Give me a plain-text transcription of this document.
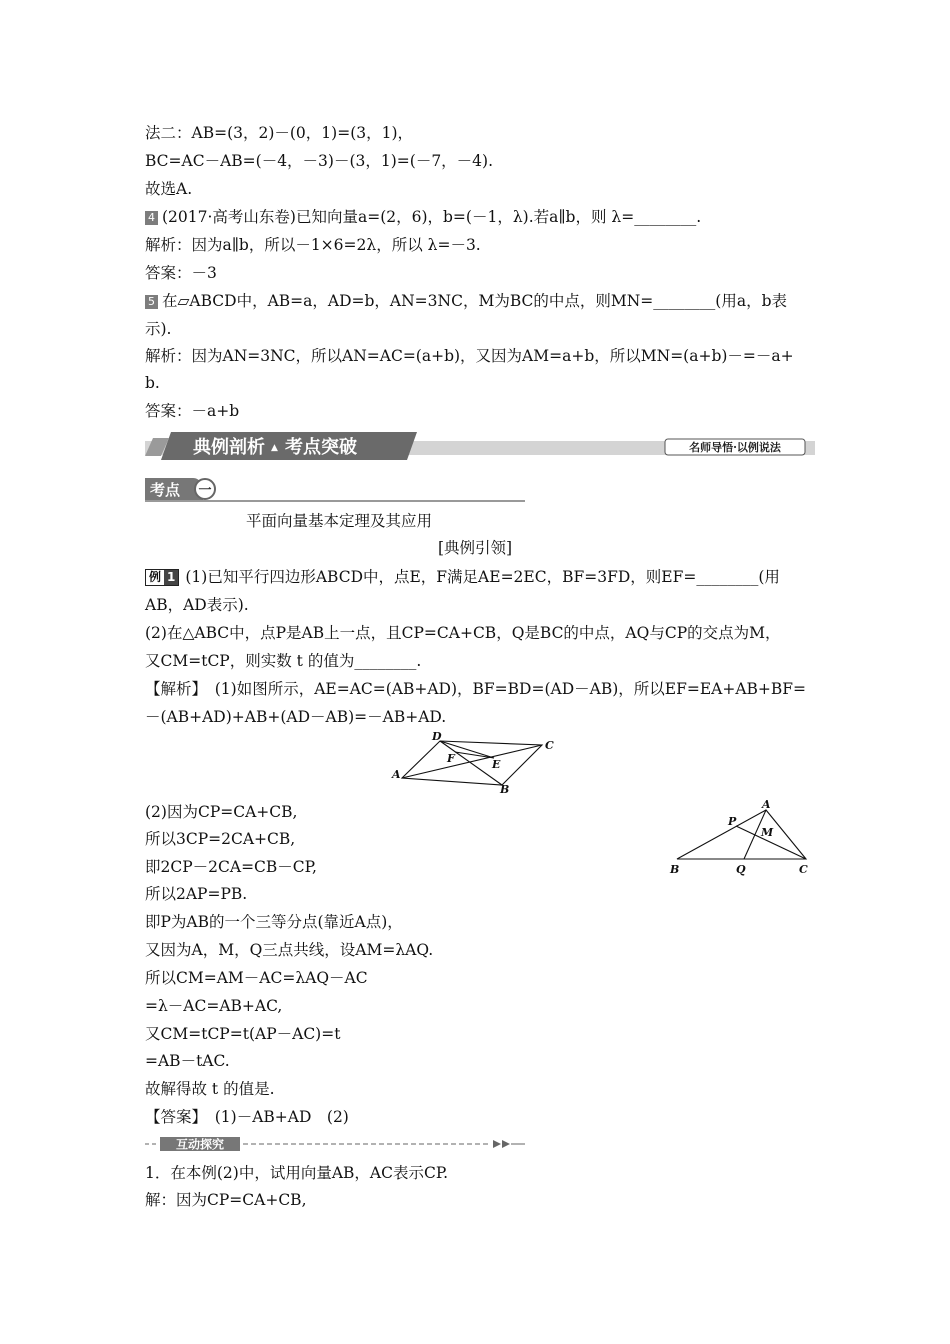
法二：AB=(3，2)－(0，1)=(3，1)，
BC=AC－AB=(－4，－3)－(3，1)=(－7，－4).
故选A.
4 (2017·高考山东卷)已知向量a=(2，6)，b=(－1，λ).若a∥b，则 λ=________.
解析：因为a∥b，所以－1×6=2λ，所以 λ=－3.
答案：－3
5 在▱ABCD中，AB=a，AD=b，AN=3NC，M为BC的中点，则MN=________(用a，b表
示).
解析：因为AN=3NC，所以AN=AC=(a+b)，又因为AM=a+b，所以MN=(a+b)－=－a+
b.
答案：－a+b
典例剖析 ▲ 考点突破	名师导悟·以例说法
考点 一
平面向量基本定理及其应用
[典例引领]
例 1 (1)已知平行四边形ABCD中，点E，F满足AE=2EC，BF=3FD，则EF=________(用
AB，AD表示).
(2)在△ABC中，点P是AB上一点，且CP=CA+CB，Q是BC的中点，AQ与CP的交点为M，
又CM=tCP，则实数 t 的值为________.
【解析】　(1)如图所示，AE=AC=(AB+AD)，BF=BD=(AD－AB)，所以EF=EA+AB+BF=
－(AB+AD)+AB+(AD－AB)=－AB+AD.
A
D
C
B
F	E
(2)因为CP=CA+CB,
所以3CP=2CA+CB,
即2CP－2CA=CB－CP,
所以2AP=PB.
即P为AB的一个三等分点(靠近A点)，
又因为A，M，Q三点共线，设AM=λAQ.
所以CM=AM－AC=λAQ－AC
=λ－AC=AB+AC,
又CM=tCP=t(AP－AC)=t
=AB－tAC.
故解得故 t 的值是.
【答案】　(1)－AB+AD　(2)
A
P
M
B	Q	C
互动探究
1．在本例(2)中，试用向量AB，AC表示CP.
解：因为CP=CA+CB,
